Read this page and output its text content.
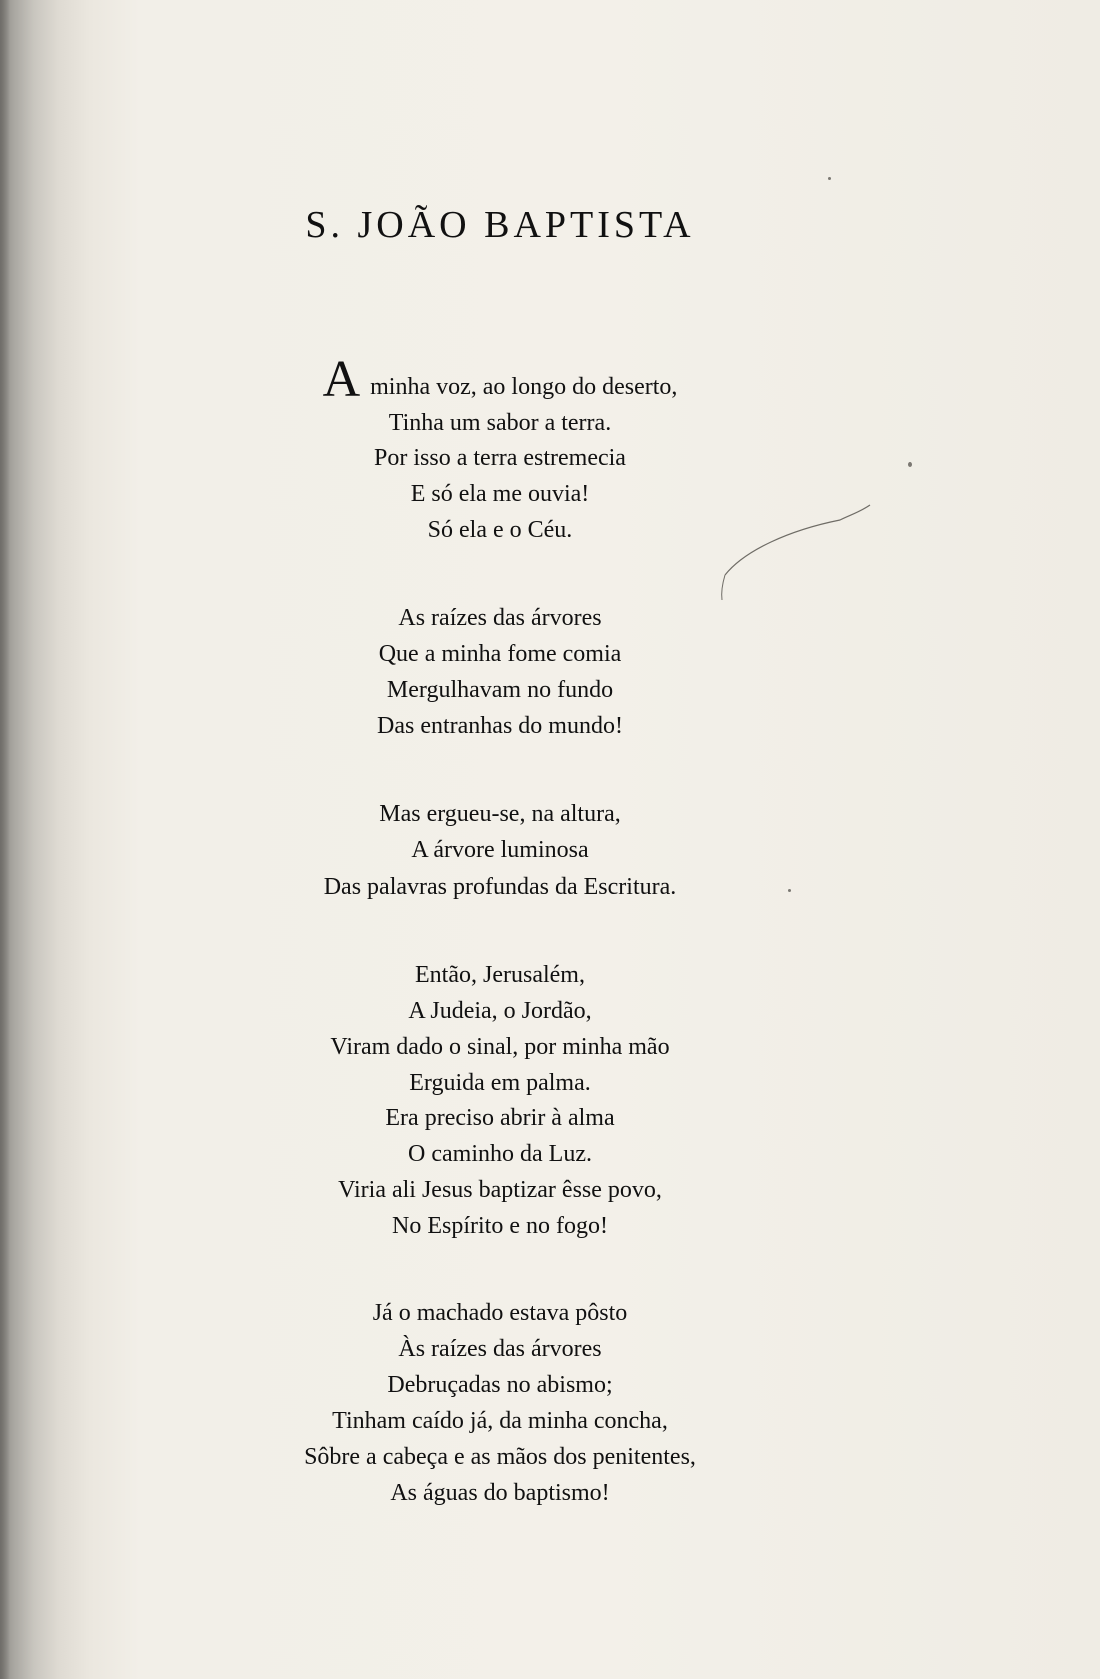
S. JOÃO BAPTISTA
Aminha voz, ao longo do deserto,
Tinha um sabor a terra.
Por isso a terra estremecia
E só ela me ouvia!
Só ela e o Céu.
As raízes das árvores
Que a minha fome comia
Mergulhavam no fundo
Das entranhas do mundo!
Mas ergueu-se, na altura,
A árvore luminosa
Das palavras profundas da Escritura.
Então, Jerusalém,
A Judeia, o Jordão,
Viram dado o sinal, por minha mão
Erguida em palma.
Era preciso abrir à alma
O caminho da Luz.
Viria ali Jesus baptizar êsse povo,
No Espírito e no fogo!
Já o machado estava pôsto
Às raízes das árvores
Debruçadas no abismo;
Tinham caído já, da minha concha,
Sôbre a cabeça e as mãos dos penitentes,
As águas do baptismo!
